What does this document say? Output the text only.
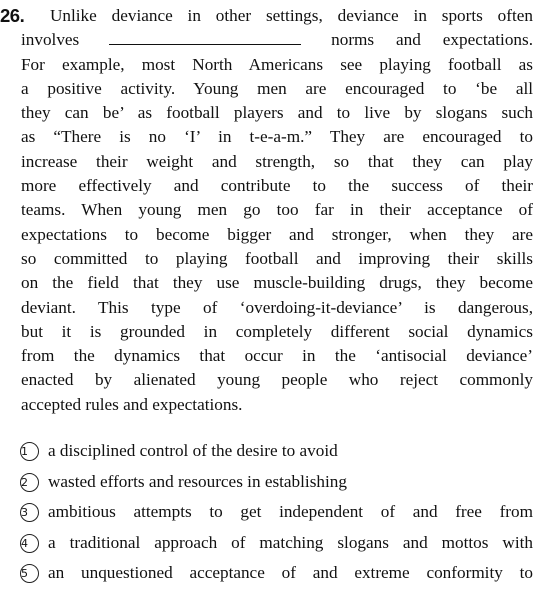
26. Unlike deviance in other settings, deviance in sports often
involves	norms and expectations.
For example, most North Americans see playing football as
a positive activity. Young men are encouraged to ‘be all
they can be’ as football players and to live by slogans such
as “There is no ‘I’ in t-e-a-m.” They are encouraged to
increase their weight and strength, so that they can play
more effectively and contribute to the success of their
teams. When young men go too far in their acceptance of
expectations to become bigger and stronger, when they are
so committed to playing football and improving their skills
on the field that they use muscle-building drugs, they become
deviant. This type of ‘overdoing-it-deviance’ is dangerous,
but it is grounded in completely different social dynamics
from the dynamics that occur in the ‘antisocial deviance’
enacted by alienated young people who reject commonly
accepted rules and expectations.
1 a disciplined control of the desire to avoid
2 wasted efforts and resources in establishing
3 ambitious attempts to get independent of and free from
4 a traditional approach of matching slogans and mottos with
5 an unquestioned acceptance of and extreme conformity to
